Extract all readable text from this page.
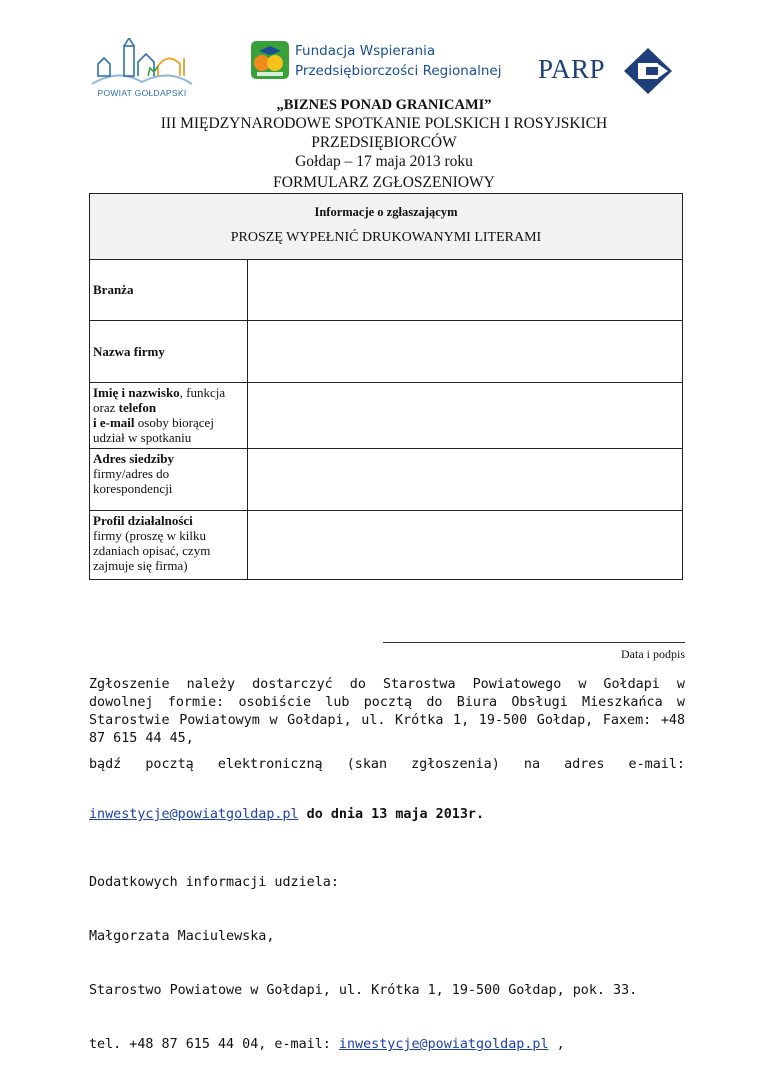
POWIAT GOŁDAPSKI
Fundacja Wspierania
Przedsiębiorczości Regionalnej PARP
„BIZNES PONAD GRANICAMI”
III MIĘDZYNARODOWE SPOTKANIE POLSKICH I ROSYJSKICH
PRZEDSIĘBIORCÓW
Gołdap – 17 maja 2013 roku
FORMULARZ ZGŁOSZENIOWY
Informacje o zgłaszającym
PROSZĘ WYPEŁNIĆ DRUKOWANYMI LITERAMI
Branża
Nazwa firmy
Imię i nazwisko, funkcja oraz telefon
i e-mail osoby biorącej udział w spotkaniu
Adres siedziby
firmy/adres do korespondencji
Profil działalności
firmy (proszę w kilku zdaniach opisać, czym zajmuje się firma)
Data i podpis
Zgłoszenie należy dostarczyć do Starostwa Powiatowego w Gołdapi w dowolnej formie: osobiście lub pocztą do Biura Obsługi Mieszkańca w Starostwie Powiatowym w Gołdapi, ul. Krótka 1, 19-500 Gołdap, Faxem: +48 87 615 44 45,
bądź pocztą elektroniczną (skan zgłoszenia) na adres e-mail:
inwestycje@powiatgoldap.pl do dnia 13 maja 2013r.

Dodatkowych informacji udziela:

Małgorzata Maciulewska,

Starostwo Powiatowe w Gołdapi, ul. Krótka 1, 19-500 Gołdap, pok. 33.

tel. +48 87 615 44 04, e-mail: inwestycje@powiatgoldap.pl ,
